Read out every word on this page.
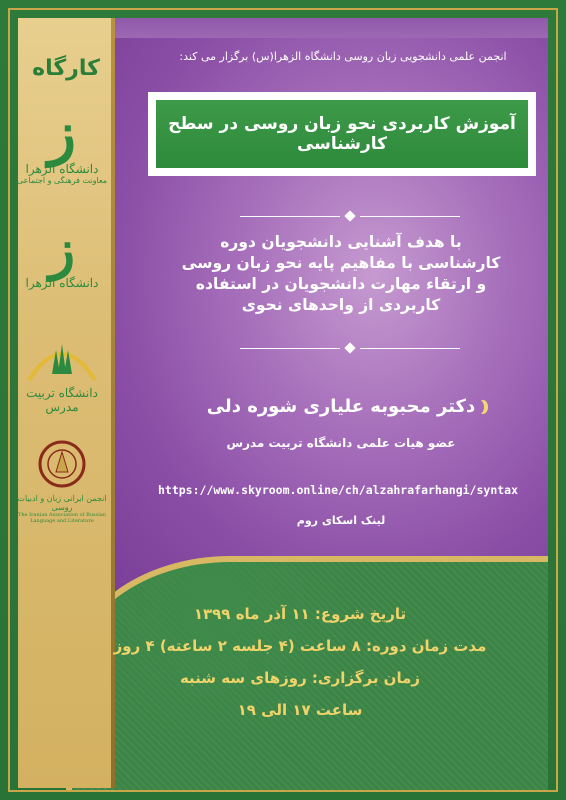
کارگاه
ز
دانشگاه الزهرا
معاونت فرهنگی و اجتماعی
ز
دانشگاه الزهرا
دانشگاه تربیت مدرس
انجمن ایرانی زبان و ادبیات روسی
The Iranian Association of Russian Language and Literature
انجمن علمی دانشجویی زبان روسی دانشگاه الزهرا(س) برگزار می کند:
آموزش کاربردی نحو زبان روسی در سطح کارشناسی
با هدف آشنایی دانشجویان دوره
کارشناسی با مفاهیم پایه نحو زبان روسی
و ارتقاء مهارت دانشجویان در استفاده
کاربردی از واحدهای نحوی
دکتر محبوبه علیاری شوره دلی
عضو هیات علمی دانشگاه تربیت مدرس
https://www.skyroom.online/ch/alzahrafarhangi/syntax
لینک اسکای روم
تاریخ شروع: ۱۱ آذر ماه ۱۳۹۹
مدت زمان دوره: ۸ ساعت (۴ جلسه ۲ ساعته) ۴ روز
زمان برگزاری: روزهای سه شنبه
ساعت ۱۷ الی ۱۹
